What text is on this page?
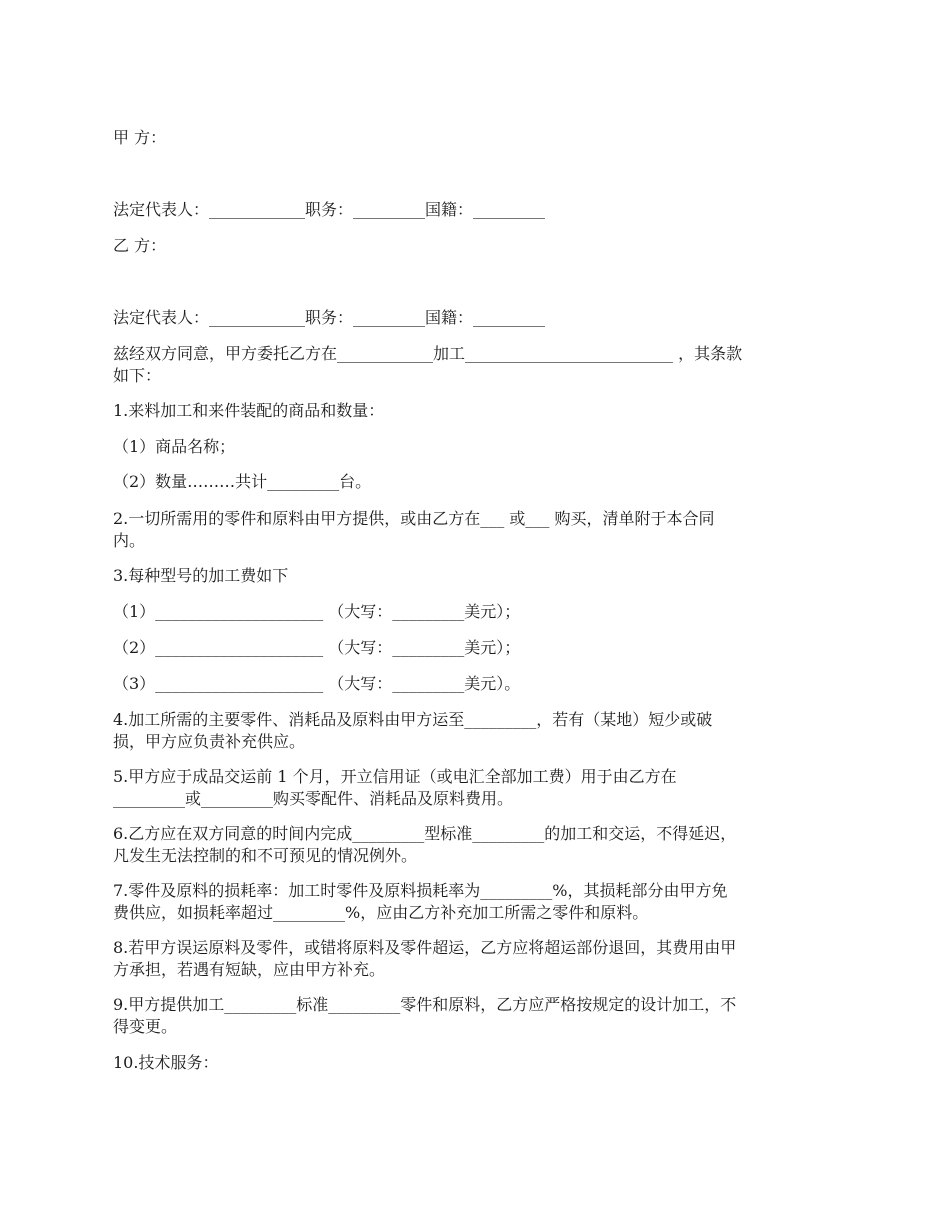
甲 方：
法定代表人：____________职务：_________国籍：_________
乙 方：
法定代表人：____________职务：_________国籍：_________
兹经双方同意，甲方委托乙方在____________加工__________________________ ，其条款
如下：
1.来料加工和来件装配的商品和数量：
（1）商品名称；
（2）数量………共计_________台。
2.一切所需用的零件和原料由甲方提供，或由乙方在___ 或___ 购买，清单附于本合同
内。
3.每种型号的加工费如下
（1）_____________________ （大写：_________美元）；
（2）_____________________ （大写：_________美元）；
（3）_____________________ （大写：_________美元）。
4.加工所需的主要零件、消耗品及原料由甲方运至_________，若有（某地）短少或破
损，甲方应负责补充供应。
5.甲方应于成品交运前 1 个月，开立信用证（或电汇全部加工费）用于由乙方在
_________或_________购买零配件、消耗品及原料费用。
6.乙方应在双方同意的时间内完成_________型标准_________的加工和交运，不得延迟，
凡发生无法控制的和不可预见的情况例外。
7.零件及原料的损耗率：加工时零件及原料损耗率为_________%，其损耗部分由甲方免
费供应，如损耗率超过_________%，应由乙方补充加工所需之零件和原料。
8.若甲方误运原料及零件，或错将原料及零件超运，乙方应将超运部份退回，其费用由甲
方承担，若遇有短缺，应由甲方补充。
9.甲方提供加工_________标准_________零件和原料，乙方应严格按规定的设计加工，不
得变更。
10.技术服务：
